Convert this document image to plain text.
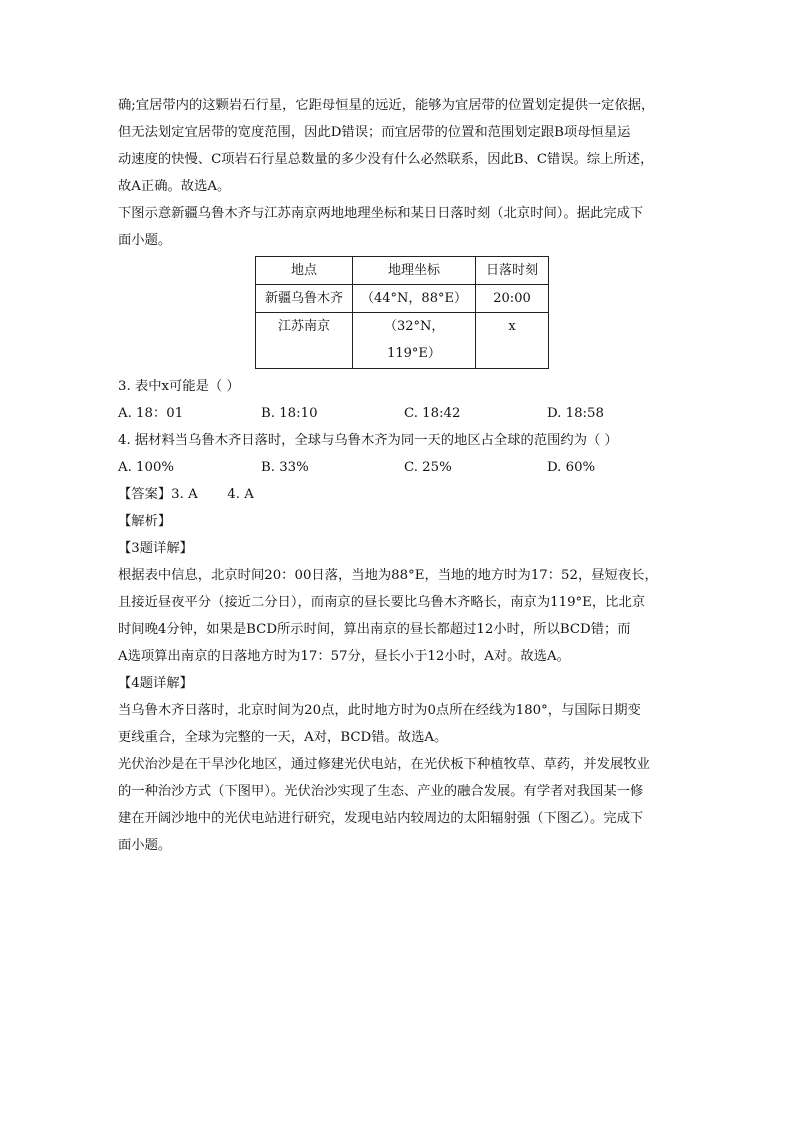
确;宜居带内的这颗岩石行星，它距母恒星的远近，能够为宜居带的位置划定提供一定依据，

但无法划定宜居带的宽度范围，因此D错误；而宜居带的位置和范围划定跟B项母恒星运

动速度的快慢、C项岩石行星总数量的多少没有什么必然联系，因此B、C错误。综上所述，

故A正确。故选A。

下图示意新疆乌鲁木齐与江苏南京两地地理坐标和某日日落时刻（北京时间）。据此完成下

面小题。

地点	地理坐标	日落时刻
新疆乌鲁木齐	（44°N，88°E）	20:00
江苏南京	（32°N，119°E）	x

3. 表中x可能是（ ）

A. 18：01	B. 18:10	C. 18:42	D. 18:58

4. 据材料当乌鲁木齐日落时，全球与乌鲁木齐为同一天的地区占全球的范围约为（ ）

A. 100%	B. 33%	C. 25%	D. 60%

【答案】3. A       4. A

【解析】

【3题详解】

根据表中信息，北京时间20：00日落，当地为88°E，当地的地方时为17：52，昼短夜长，

且接近昼夜平分（接近二分日），而南京的昼长要比乌鲁木齐略长，南京为119°E，比北京

时间晚4分钟，如果是BCD所示时间，算出南京的昼长都超过12小时，所以BCD错；而

A选项算出南京的日落地方时为17：57分，昼长小于12小时，A对。故选A。

【4题详解】

当乌鲁木齐日落时，北京时间为20点，此时地方时为0点所在经线为180°，与国际日期变

更线重合，全球为完整的一天，A对，BCD错。故选A。

光伏治沙是在干旱沙化地区，通过修建光伏电站，在光伏板下种植牧草、草药，并发展牧业

的一种治沙方式（下图甲）。光伏治沙实现了生态、产业的融合发展。有学者对我国某一修

建在开阔沙地中的光伏电站进行研究，发现电站内较周边的太阳辐射强（下图乙）。完成下

面小题。
